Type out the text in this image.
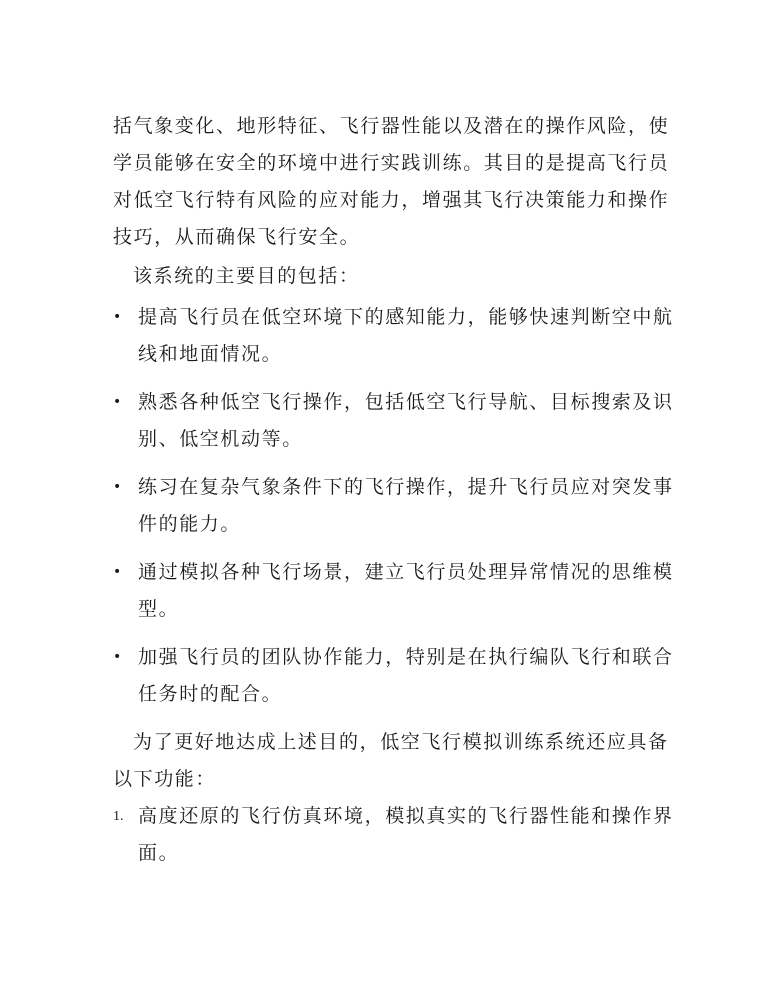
括气象变化、地形特征、飞行器性能以及潜在的操作风险，使学员能够在安全的环境中进行实践训练。其目的是提高飞行员对低空飞行特有风险的应对能力，增强其飞行决策能力和操作技巧，从而确保飞行安全。

该系统的主要目的包括：

• 提高飞行员在低空环境下的感知能力，能够快速判断空中航线和地面情况。
• 熟悉各种低空飞行操作，包括低空飞行导航、目标搜索及识别、低空机动等。
• 练习在复杂气象条件下的飞行操作，提升飞行员应对突发事件的能力。
• 通过模拟各种飞行场景，建立飞行员处理异常情况的思维模型。
• 加强飞行员的团队协作能力，特别是在执行编队飞行和联合任务时的配合。

为了更好地达成上述目的，低空飞行模拟训练系统还应具备以下功能：

1. 高度还原的飞行仿真环境，模拟真实的飞行器性能和操作界面。
